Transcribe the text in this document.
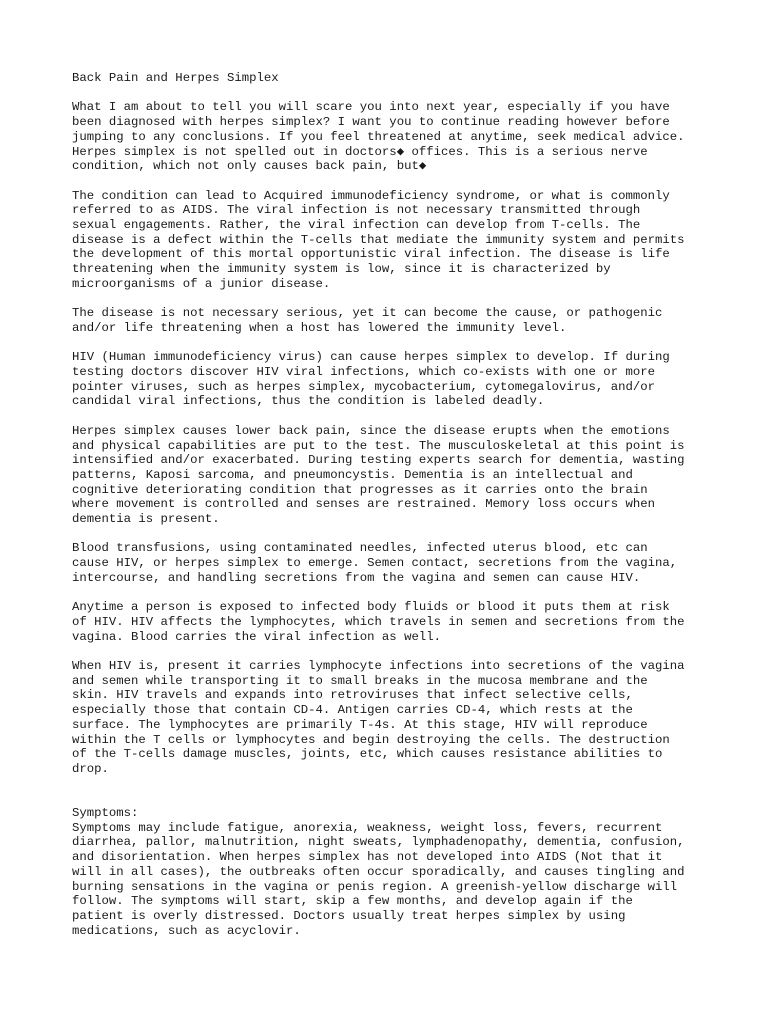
Back Pain and Herpes Simplex

What I am about to tell you will scare you into next year, especially if you have
been diagnosed with herpes simplex? I want you to continue reading however before
jumping to any conclusions. If you feel threatened at anytime, seek medical advice.
Herpes simplex is not spelled out in doctors◆ offices. This is a serious nerve
condition, which not only causes back pain, but◆

The condition can lead to Acquired immunodeficiency syndrome, or what is commonly
referred to as AIDS. The viral infection is not necessary transmitted through
sexual engagements. Rather, the viral infection can develop from T-cells. The
disease is a defect within the T-cells that mediate the immunity system and permits
the development of this mortal opportunistic viral infection. The disease is life
threatening when the immunity system is low, since it is characterized by
microorganisms of a junior disease.

The disease is not necessary serious, yet it can become the cause, or pathogenic
and/or life threatening when a host has lowered the immunity level.

HIV (Human immunodeficiency virus) can cause herpes simplex to develop. If during
testing doctors discover HIV viral infections, which co-exists with one or more
pointer viruses, such as herpes simplex, mycobacterium, cytomegalovirus, and/or
candidal viral infections, thus the condition is labeled deadly.

Herpes simplex causes lower back pain, since the disease erupts when the emotions
and physical capabilities are put to the test. The musculoskeletal at this point is
intensified and/or exacerbated. During testing experts search for dementia, wasting
patterns, Kaposi sarcoma, and pneumoncystis. Dementia is an intellectual and
cognitive deteriorating condition that progresses as it carries onto the brain
where movement is controlled and senses are restrained. Memory loss occurs when
dementia is present.

Blood transfusions, using contaminated needles, infected uterus blood, etc can
cause HIV, or herpes simplex to emerge. Semen contact, secretions from the vagina,
intercourse, and handling secretions from the vagina and semen can cause HIV.

Anytime a person is exposed to infected body fluids or blood it puts them at risk
of HIV. HIV affects the lymphocytes, which travels in semen and secretions from the
vagina. Blood carries the viral infection as well.

When HIV is, present it carries lymphocyte infections into secretions of the vagina
and semen while transporting it to small breaks in the mucosa membrane and the
skin. HIV travels and expands into retroviruses that infect selective cells,
especially those that contain CD-4. Antigen carries CD-4, which rests at the
surface. The lymphocytes are primarily T-4s. At this stage, HIV will reproduce
within the T cells or lymphocytes and begin destroying the cells. The destruction
of the T-cells damage muscles, joints, etc, which causes resistance abilities to
drop.

Symptoms:

Symptoms may include fatigue, anorexia, weakness, weight loss, fevers, recurrent
diarrhea, pallor, malnutrition, night sweats, lymphadenopathy, dementia, confusion,
and disorientation. When herpes simplex has not developed into AIDS (Not that it
will in all cases), the outbreaks often occur sporadically, and causes tingling and
burning sensations in the vagina or penis region. A greenish-yellow discharge will
follow. The symptoms will start, skip a few months, and develop again if the
patient is overly distressed. Doctors usually treat herpes simplex by using
medications, such as acyclovir.
